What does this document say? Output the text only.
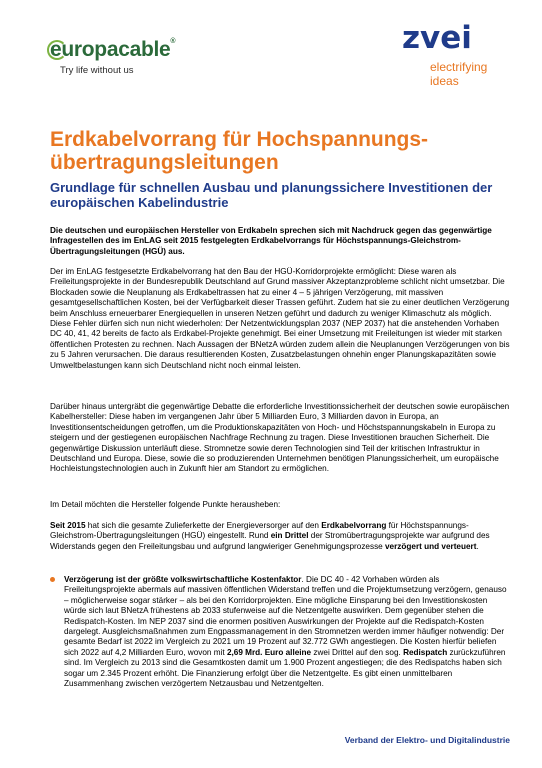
europacable®
Try life without us
zvei
electrifying
ideas
Erdkabelvorrang für Hochspannungs-übertragungsleitungen
Grundlage für schnellen Ausbau und planungssichere Investitionen der europäischen Kabelindustrie

Die deutschen und europäischen Hersteller von Erdkabeln sprechen sich mit Nachdruck gegen das gegenwärtige Infragestellen des im EnLAG seit 2015 festgelegten Erdkabelvorrangs für Höchstspannungs-Gleichstrom-Übertragungsleitungen (HGÜ) aus.

Der im EnLAG festgesetzte Erdkabelvorrang hat den Bau der HGÜ-Korridorprojekte ermöglicht: Diese waren als Freileitungsprojekte in der Bundesrepublik Deutschland auf Grund massiver Akzeptanzprobleme schlicht nicht umsetzbar. Die Blockaden sowie die Neuplanung als Erdkabeltrassen hat zu einer 4 – 5 jährigen Verzögerung, mit massiven gesamtgesellschaftlichen Kosten, bei der Verfügbarkeit dieser Trassen geführt. Zudem hat sie zu einer deutlichen Verzögerung beim Anschluss erneuerbarer Energiequellen in unseren Netzen geführt und dadurch zu weniger Klimaschutz als möglich. Diese Fehler dürfen sich nun nicht wiederholen: Der Netzentwicklungsplan 2037 (NEP 2037) hat die anstehenden Vorhaben DC 40, 41, 42 bereits de facto als Erdkabel-Projekte genehmigt. Bei einer Umsetzung mit Freileitungen ist wieder mit starken öffentlichen Protesten zu rechnen. Nach Aussagen der BNetzA würden zudem allein die Neuplanungen Verzögerungen von bis zu 5 Jahren verursachen. Die daraus resultierenden Kosten, Zusatzbelastungen ohnehin enger Planungskapazitäten sowie Umweltbelastungen kann sich Deutschland nicht noch einmal leisten.

Darüber hinaus untergräbt die gegenwärtige Debatte die erforderliche Investitionssicherheit der deutschen sowie europäischen Kabelhersteller: Diese haben im vergangenen Jahr über 5 Milliarden Euro, 3 Milliarden davon in Europa, an Investitionsentscheidungen getroffen, um die Produktionskapazitäten von Hoch- und Höchstspannungskabeln in Europa zu steigern und der gestiegenen europäischen Nachfrage Rechnung zu tragen. Diese Investitionen brauchen Sicherheit. Die gegenwärtige Diskussion unterläuft diese. Stromnetze sowie deren Technologien sind Teil der kritischen Infrastruktur in Deutschland und Europa. Diese, sowie die so produzierenden Unternehmen benötigen Planungssicherheit, um europäische Hochleistungstechnologien auch in Zukunft hier am Standort zu ermöglichen.

Im Detail möchten die Hersteller folgende Punkte herausheben:

Seit 2015 hat sich die gesamte Zulieferkette der Energieversorger auf den Erdkabelvorrang für Höchstspannungs-Gleichstrom-Übertragungsleitungen (HGÜ) eingestellt. Rund ein Drittel der Stromübertragungsprojekte war aufgrund des Widerstands gegen den Freileitungsbau und aufgrund langwieriger Genehmigungsprozesse verzögert und verteuert.

Verzögerung ist der größte volkswirtschaftliche Kostenfaktor. Die DC 40 - 42 Vorhaben würden als Freileitungsprojekte abermals auf massiven öffentlichen Widerstand treffen und die Projektumsetzung verzögern, genauso – möglicherweise sogar stärker – als bei den Korridorprojekten. Eine mögliche Einsparung bei den Investitionskosten würde sich laut BNetzA frühestens ab 2033 stufenweise auf die Netzentgelte auswirken. Dem gegenüber stehen die Redispatch-Kosten. Im NEP 2037 sind die enormen positiven Auswirkungen der Projekte auf die Redispatch-Kosten dargelegt. Ausgleichsmaßnahmen zum Engpassmanagement in den Stromnetzen werden immer häufiger notwendig: Der gesamte Bedarf ist 2022 im Vergleich zu 2021 um 19 Prozent auf 32.772 GWh angestiegen. Die Kosten hierfür beliefen sich 2022 auf 4,2 Milliarden Euro, wovon mit 2,69 Mrd. Euro alleine zwei Drittel auf den sog. Redispatch zurückzuführen sind. Im Vergleich zu 2013 sind die Gesamtkosten damit um 1.900 Prozent angestiegen; die des Redispatchs haben sich sogar um 2.345 Prozent erhöht. Die Finanzierung erfolgt über die Netzentgelte. Es gibt einen unmittelbaren Zusammenhang zwischen verzögertem Netzausbau und Netzentgelten.

Verband der Elektro- und Digitalindustrie
